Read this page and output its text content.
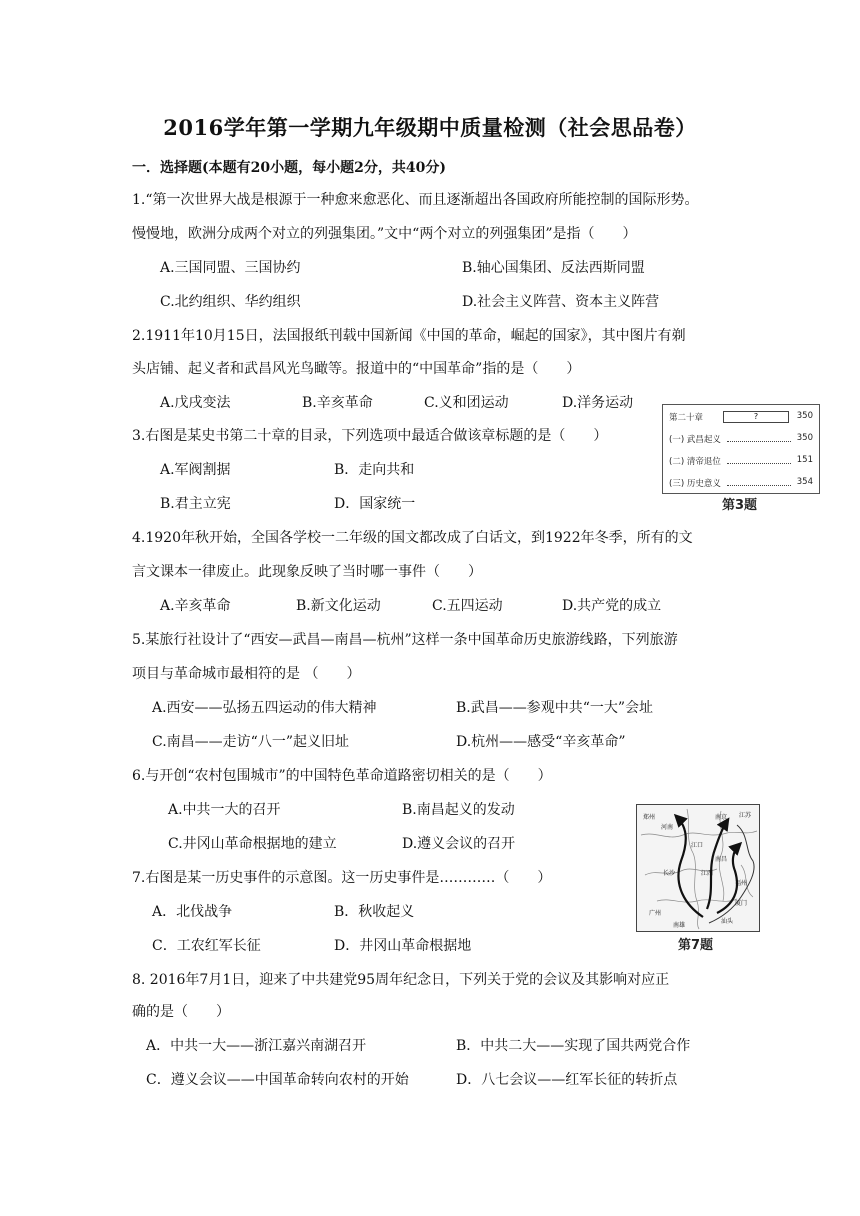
2016学年第一学期九年级期中质量检测（社会思品卷）
一．选择题(本题有20小题，每小题2分，共40分)
1.“第一次世界大战是根源于一种愈来愈恶化、而且逐渐超出各国政府所能控制的国际形势。
慢慢地，欧洲分成两个对立的列强集团。”文中“两个对立的列强集团”是指（　　）
A.三国同盟、三国协约	B.轴心国集团、反法西斯同盟
C.北约组织、华约组织	D.社会主义阵营、资本主义阵营
2.1911年10月15日，法国报纸刊载中国新闻《中国的革命，崛起的国家》，其中图片有剃
头店铺、起义者和武昌风光鸟瞰等。报道中的“中国革命”指的是（　　）
A.戊戌变法	B.辛亥革命	C.义和团运动	D.洋务运动
3.右图是某史书第二十章的目录，下列选项中最适合做该章标题的是（　　）
A.军阀割据	B．走向共和
B.君主立宪	D．国家统一
第二十章	?	350
(一) 武昌起义	350
(二) 清帝退位	151
(三) 历史意义	354
第3题
4.1920年秋开始，全国各学校一二年级的国文都改成了白话文，到1922年冬季，所有的文
言文课本一律废止。此现象反映了当时哪一事件（　　）
A.辛亥革命	B.新文化运动	C.五四运动	D.共产党的成立
5.某旅行社设计了“西安—武昌—南昌—杭州”这样一条中国革命历史旅游线路，下列旅游
项目与革命城市最相符的是 （　　）
A.西安——弘扬五四运动的伟大精神	B.武昌——参观中共“一大”会址
C.南昌——走访“八一”起义旧址	D.杭州——感受“辛亥革命”
6.与开创“农村包围城市”的中国特色革命道路密切相关的是（　　）
A.中共一大的召开	B.南昌起义的发动
C.井冈山革命根据地的建立	D.遵义会议的召开
7.右图是某一历史事件的示意图。这一历史事件是…………（　　）
A．北伐战争	B．秋收起义
C．工农红军长征	D．井冈山革命根据地
郑州
河南
南京 江苏
江口
南昌
长沙	江西
福州
广州
汕头
厦门
南雄
第7题
8. 2016年7月1日，迎来了中共建党95周年纪念日，下列关于党的会议及其影响对应正
确的是（　　）
A．中共一大——浙江嘉兴南湖召开	B．中共二大——实现了国共两党合作
C．遵义会议——中国革命转向农村的开始	D．八七会议——红军长征的转折点
